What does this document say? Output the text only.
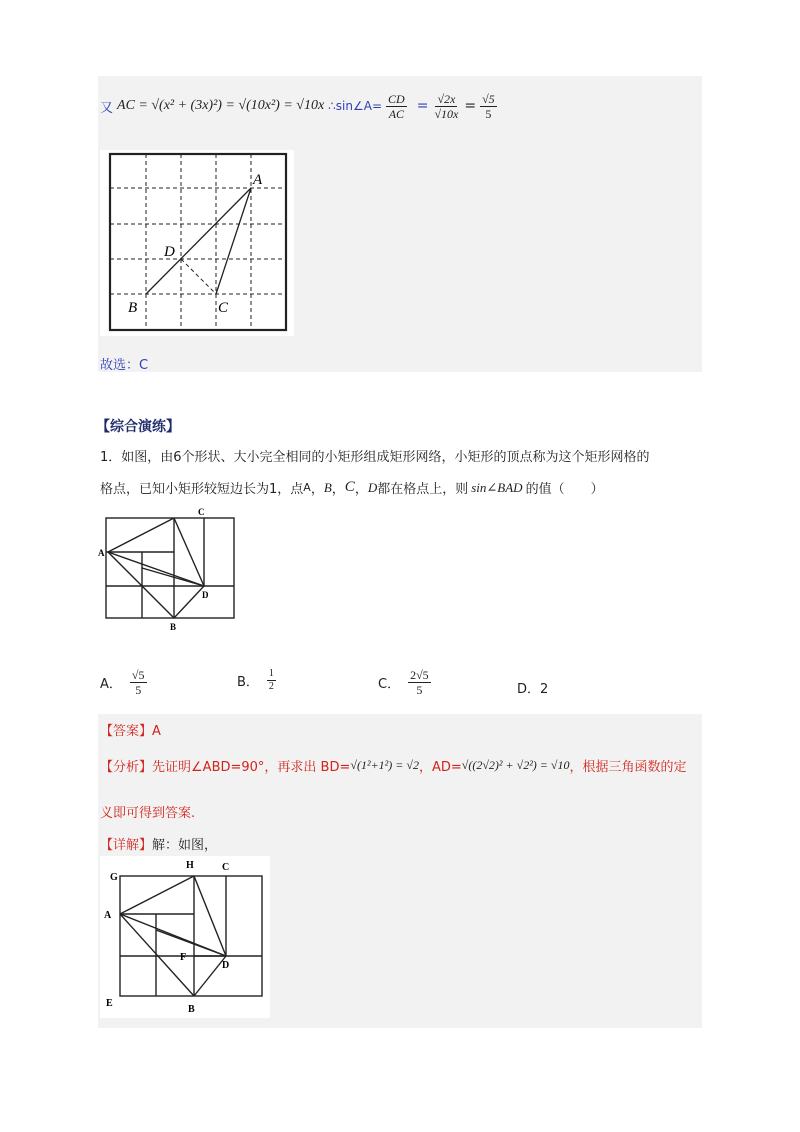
又 AC = √(x² + (3x)²) = √(10x²) = √10x ∴sin∠A= $\frac{CD}{AC} = \frac{√2x}{√10x} = \frac{√5}{5}$
A
D
B	C
故选：C
【综合演练】
1．如图，由6个形状、大小完全相同的小矩形组成矩形网络，小矩形的顶点称为这个矩形网格的
格点，已知小矩形较短边长为1，点 A ， B ， C ， D 都在格点上，则 sin∠BAD 的值（　　）
C
A
D
B
A． $\frac{√5}{5}$	B． $\frac{1}{2}$	C． $\frac{2√5}{5}$	D．2
【答案】A
【分析】 先证明∠ABD=90°，再求出 BD= √(1²+1²) = √2 ，AD= √((2√2)² + √2²) = √10 ，根据三角函数的定
义即可得到答案.
【详解】解：如图，
G
H	C
A
F
D
E
B
